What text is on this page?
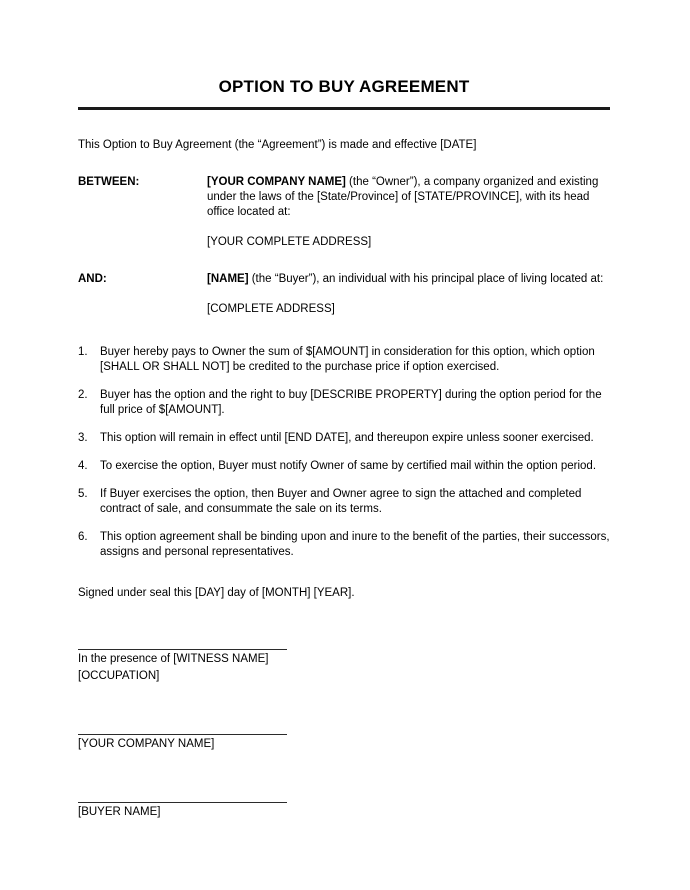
OPTION TO BUY AGREEMENT
This Option to Buy Agreement (the “Agreement”) is made and effective [DATE]
BETWEEN:	[YOUR COMPANY NAME] (the “Owner”), a company organized and existing under the laws of the [State/Province] of [STATE/PROVINCE], with its head office located at:
[YOUR COMPLETE ADDRESS]
AND:	[NAME] (the “Buyer”), an individual with his principal place of living located at:
[COMPLETE ADDRESS]
1.	Buyer hereby pays to Owner the sum of $[AMOUNT] in consideration for this option, which option [SHALL OR SHALL NOT] be credited to the purchase price if option exercised.
2.	Buyer has the option and the right to buy [DESCRIBE PROPERTY] during the option period for the full price of $[AMOUNT].
3.	This option will remain in effect until [END DATE], and thereupon expire unless sooner exercised.
4.	To exercise the option, Buyer must notify Owner of same by certified mail within the option period.
5.	If Buyer exercises the option, then Buyer and Owner agree to sign the attached and completed contract of sale, and consummate the sale on its terms.
6.	This option agreement shall be binding upon and inure to the benefit of the parties, their successors, assigns and personal representatives.
Signed under seal this [DAY] day of [MONTH] [YEAR].
In the presence of [WITNESS NAME]
[OCCUPATION]
[YOUR COMPANY NAME]
[BUYER NAME]
